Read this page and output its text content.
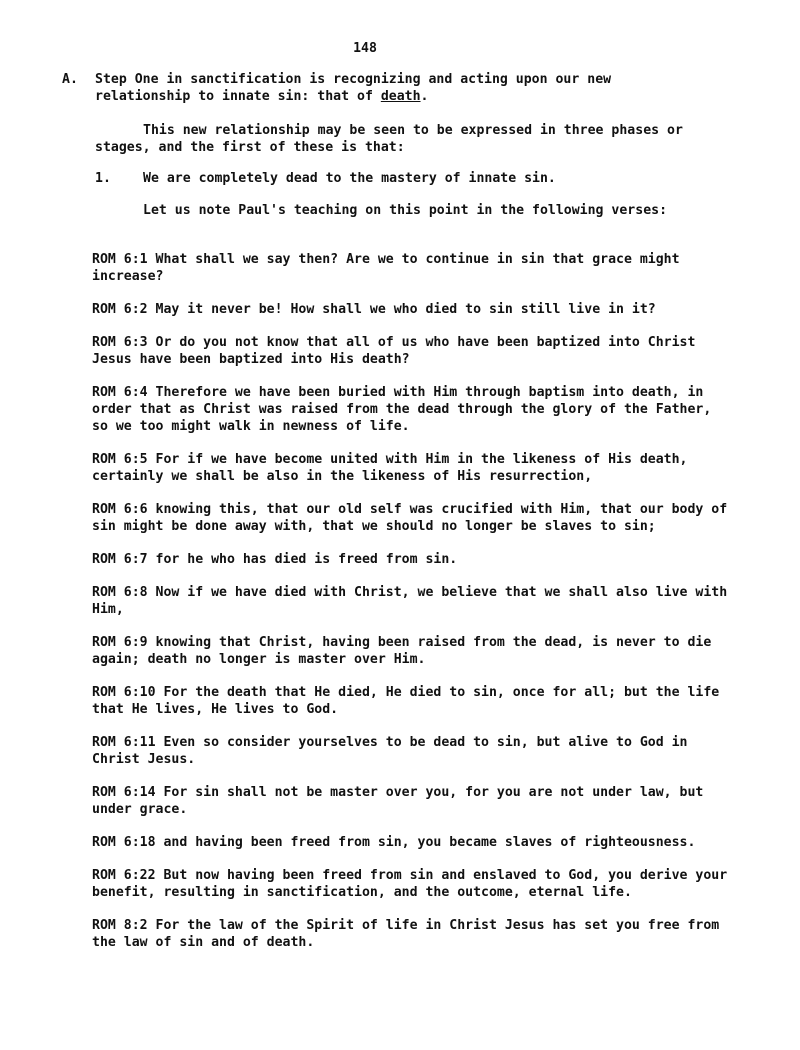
148
A. Step One in sanctification is recognizing and acting upon our new relationship to innate sin: that of death.
This new relationship may be seen to be expressed in three phases or stages, and the first of these is that:
1. We are completely dead to the mastery of innate sin.
Let us note Paul's teaching on this point in the following verses:

ROM 6:1 What shall we say then? Are we to continue in sin that grace might increase?

ROM 6:2 May it never be! How shall we who died to sin still live in it?

ROM 6:3 Or do you not know that all of us who have been baptized into Christ Jesus have been baptized into His death?

ROM 6:4 Therefore we have been buried with Him through baptism into death, in order that as Christ was raised from the dead through the glory of the Father, so we too might walk in newness of life.

ROM 6:5 For if we have become united with Him in the likeness of His death, certainly we shall be also in the likeness of His resurrection,

ROM 6:6 knowing this, that our old self was crucified with Him, that our body of sin might be done away with, that we should no longer be slaves to sin;

ROM 6:7 for he who has died is freed from sin.

ROM 6:8 Now if we have died with Christ, we believe that we shall also live with Him,

ROM 6:9 knowing that Christ, having been raised from the dead, is never to die again; death no longer is master over Him.

ROM 6:10 For the death that He died, He died to sin, once for all; but the life that He lives, He lives to God.

ROM 6:11 Even so consider yourselves to be dead to sin, but alive to God in Christ Jesus.

ROM 6:14 For sin shall not be master over you, for you are not under law, but under grace.

ROM 6:18 and having been freed from sin, you became slaves of righteousness.

ROM 6:22 But now having been freed from sin and enslaved to God, you derive your benefit, resulting in sanctification, and the outcome, eternal life.

ROM 8:2 For the law of the Spirit of life in Christ Jesus has set you free from the law of sin and of death.
